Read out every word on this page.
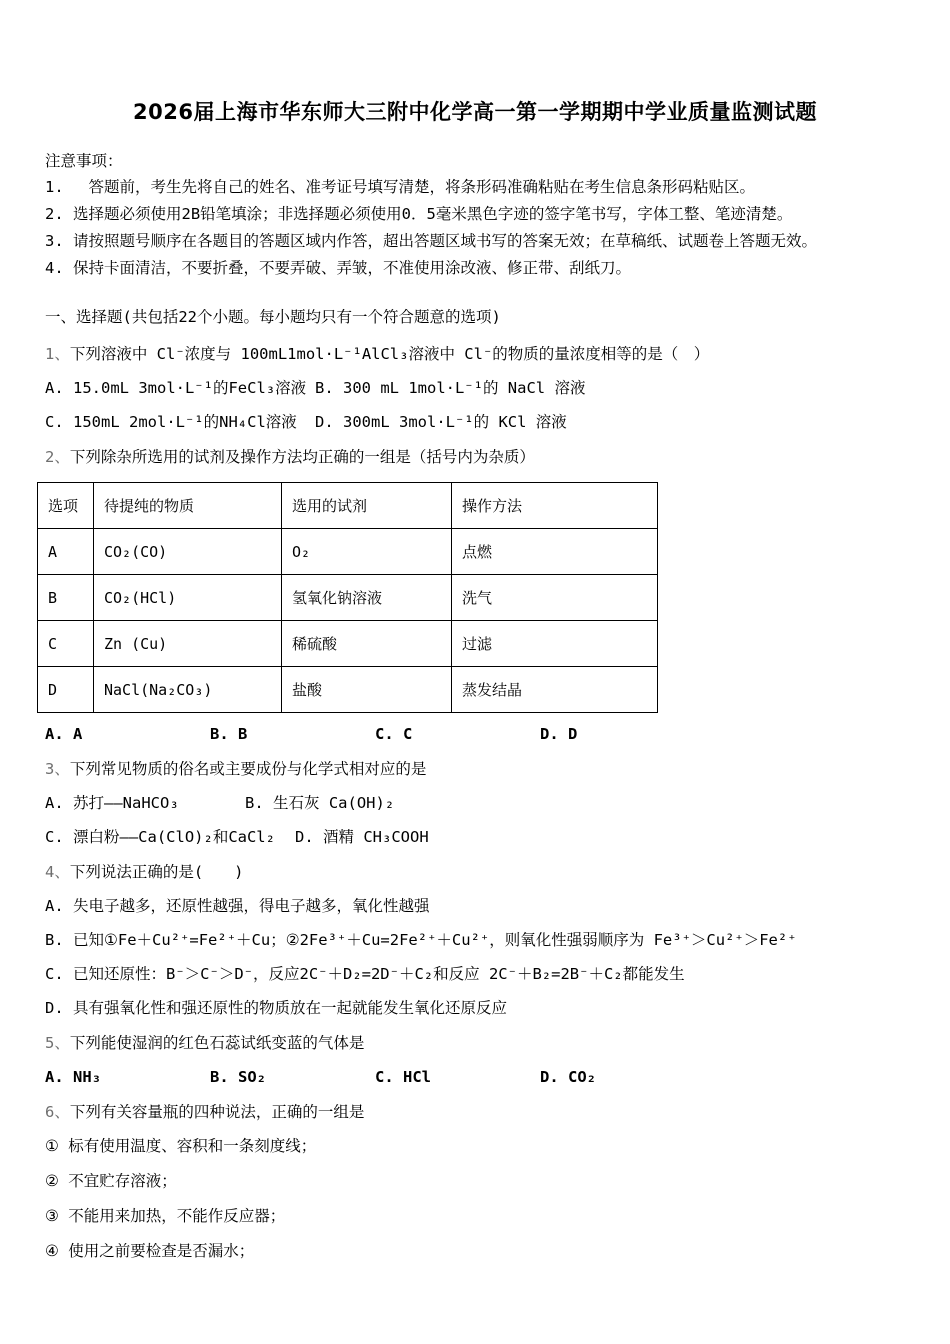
2026届上海市华东师大三附中化学高一第一学期期中学业质量监测试题
注意事项：
1.　 答题前，考生先将自己的姓名、准考证号填写清楚，将条形码准确粘贴在考生信息条形码粘贴区。
2. 选择题必须使用2B铅笔填涂；非选择题必须使用0．5毫米黑色字迹的签字笔书写，字体工整、笔迹清楚。
3. 请按照题号顺序在各题目的答题区域内作答，超出答题区域书写的答案无效；在草稿纸、试题卷上答题无效。
4. 保持卡面清洁，不要折叠，不要弄破、弄皱，不准使用涂改液、修正带、刮纸刀。
一、选择题(共包括22个小题。每小题均只有一个符合题意的选项)
1、下列溶液中 Cl⁻浓度与 100mL1mol·L⁻¹AlCl₃溶液中 Cl⁻的物质的量浓度相等的是（　）
A. 15.0mL 3mol·L⁻¹的FeCl₃溶液 B. 300 mL 1mol·L⁻¹的 NaCl 溶液
C. 150mL 2mol·L⁻¹的NH₄Cl溶液	D. 300mL 3mol·L⁻¹的 KCl 溶液
2、下列除杂所选用的试剂及操作方法均正确的一组是（括号内为杂质）
选项	待提纯的物质	选用的试剂	操作方法
A	CO₂(CO)	O₂	点燃
B	CO₂(HCl)	氢氧化钠溶液	洗气
C	Zn (Cu)	稀硫酸	过滤
D	NaCl(Na₂CO₃)	盐酸	蒸发结晶
A. A	B. B	C. C	D. D
3、下列常见物质的俗名或主要成份与化学式相对应的是
A. 苏打——NaHCO₃	B. 生石灰 Ca(OH)₂
C. 漂白粉——Ca(ClO)₂和CaCl₂	D. 酒精 CH₃COOH
4、下列说法正确的是(　　)
A. 失电子越多，还原性越强，得电子越多，氧化性越强
B. 已知①Fe＋Cu²⁺=Fe²⁺＋Cu；②2Fe³⁺＋Cu=2Fe²⁺＋Cu²⁺，则氧化性强弱顺序为 Fe³⁺＞Cu²⁺＞Fe²⁺
C. 已知还原性：B⁻＞C⁻＞D⁻，反应2C⁻＋D₂=2D⁻＋C₂和反应 2C⁻＋B₂=2B⁻＋C₂都能发生
D. 具有强氧化性和强还原性的物质放在一起就能发生氧化还原反应
5、下列能使湿润的红色石蕊试纸变蓝的气体是
A. NH₃	B. SO₂	C. HCl	D. CO₂
6、下列有关容量瓶的四种说法，正确的一组是
① 标有使用温度、容积和一条刻度线；
② 不宜贮存溶液；
③ 不能用来加热，不能作反应器；
④ 使用之前要检查是否漏水；
